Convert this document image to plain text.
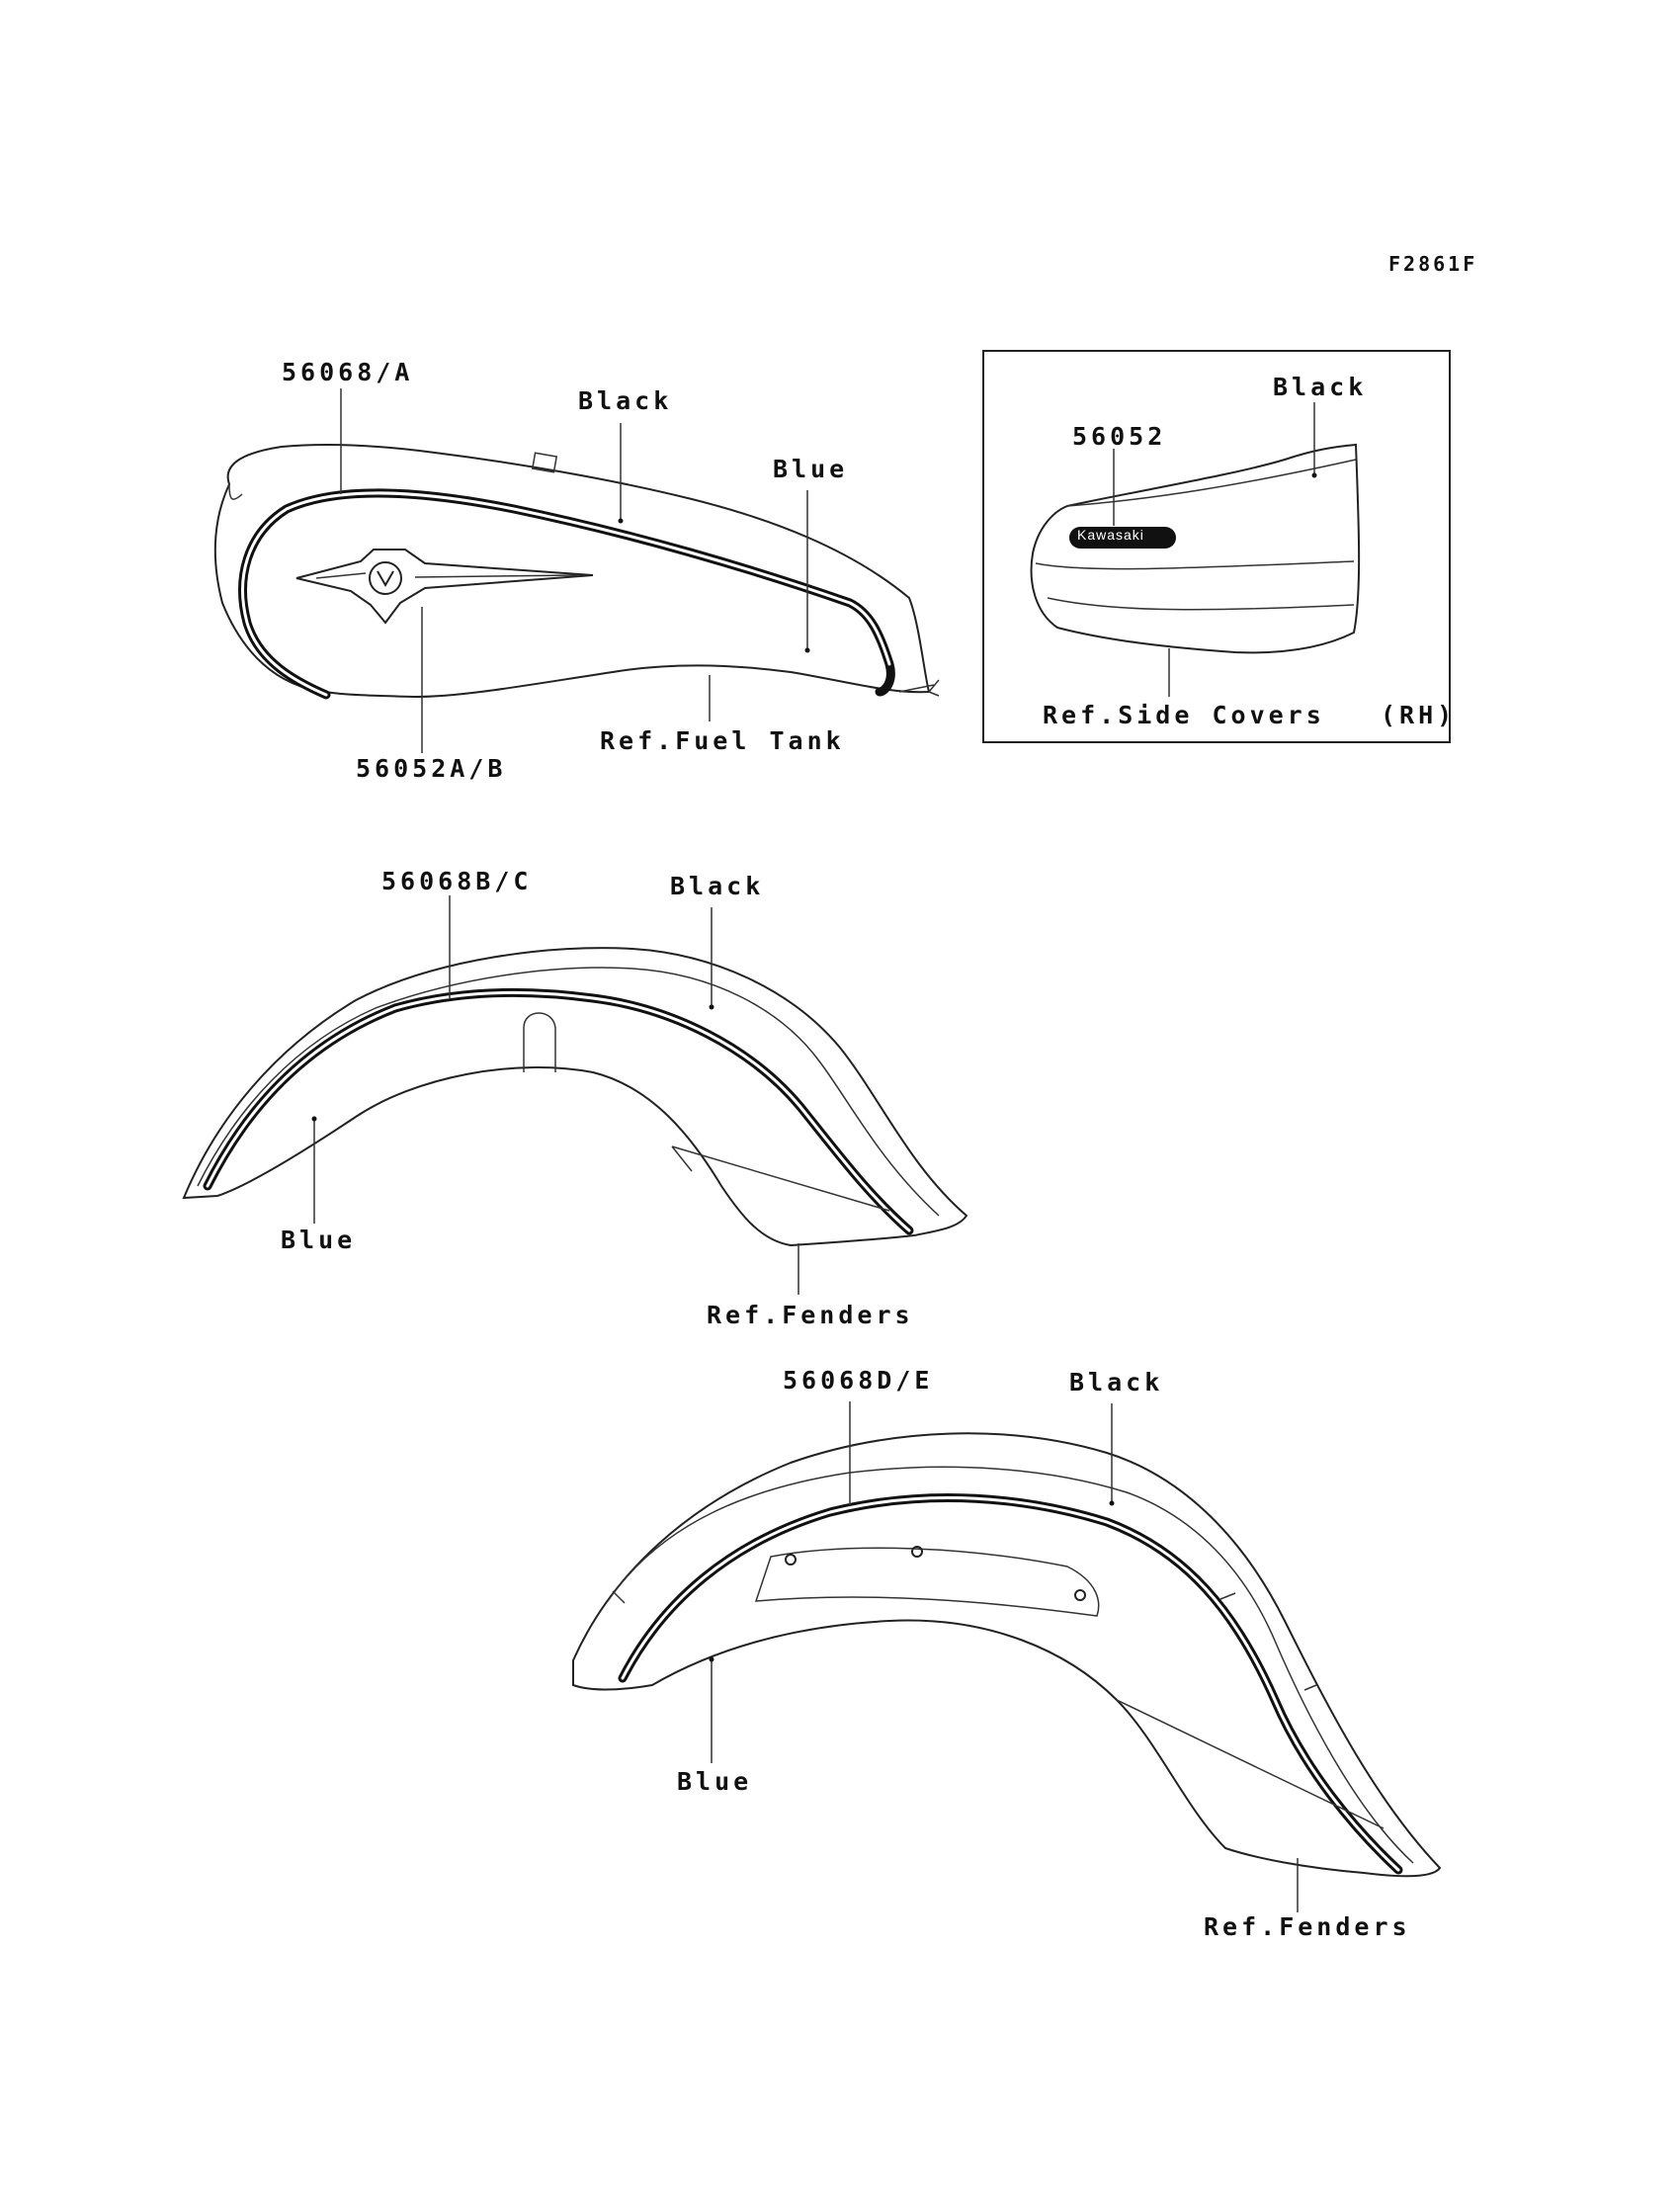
F2861F
56068/A
Black
Blue
Ref.Fuel Tank
56052A/B
Black
56052
Kawasaki
Ref.Side Covers (RH)
56068B/C	Black
Blue
Ref.Fenders
56068D/E	Black
Blue
Ref.Fenders
